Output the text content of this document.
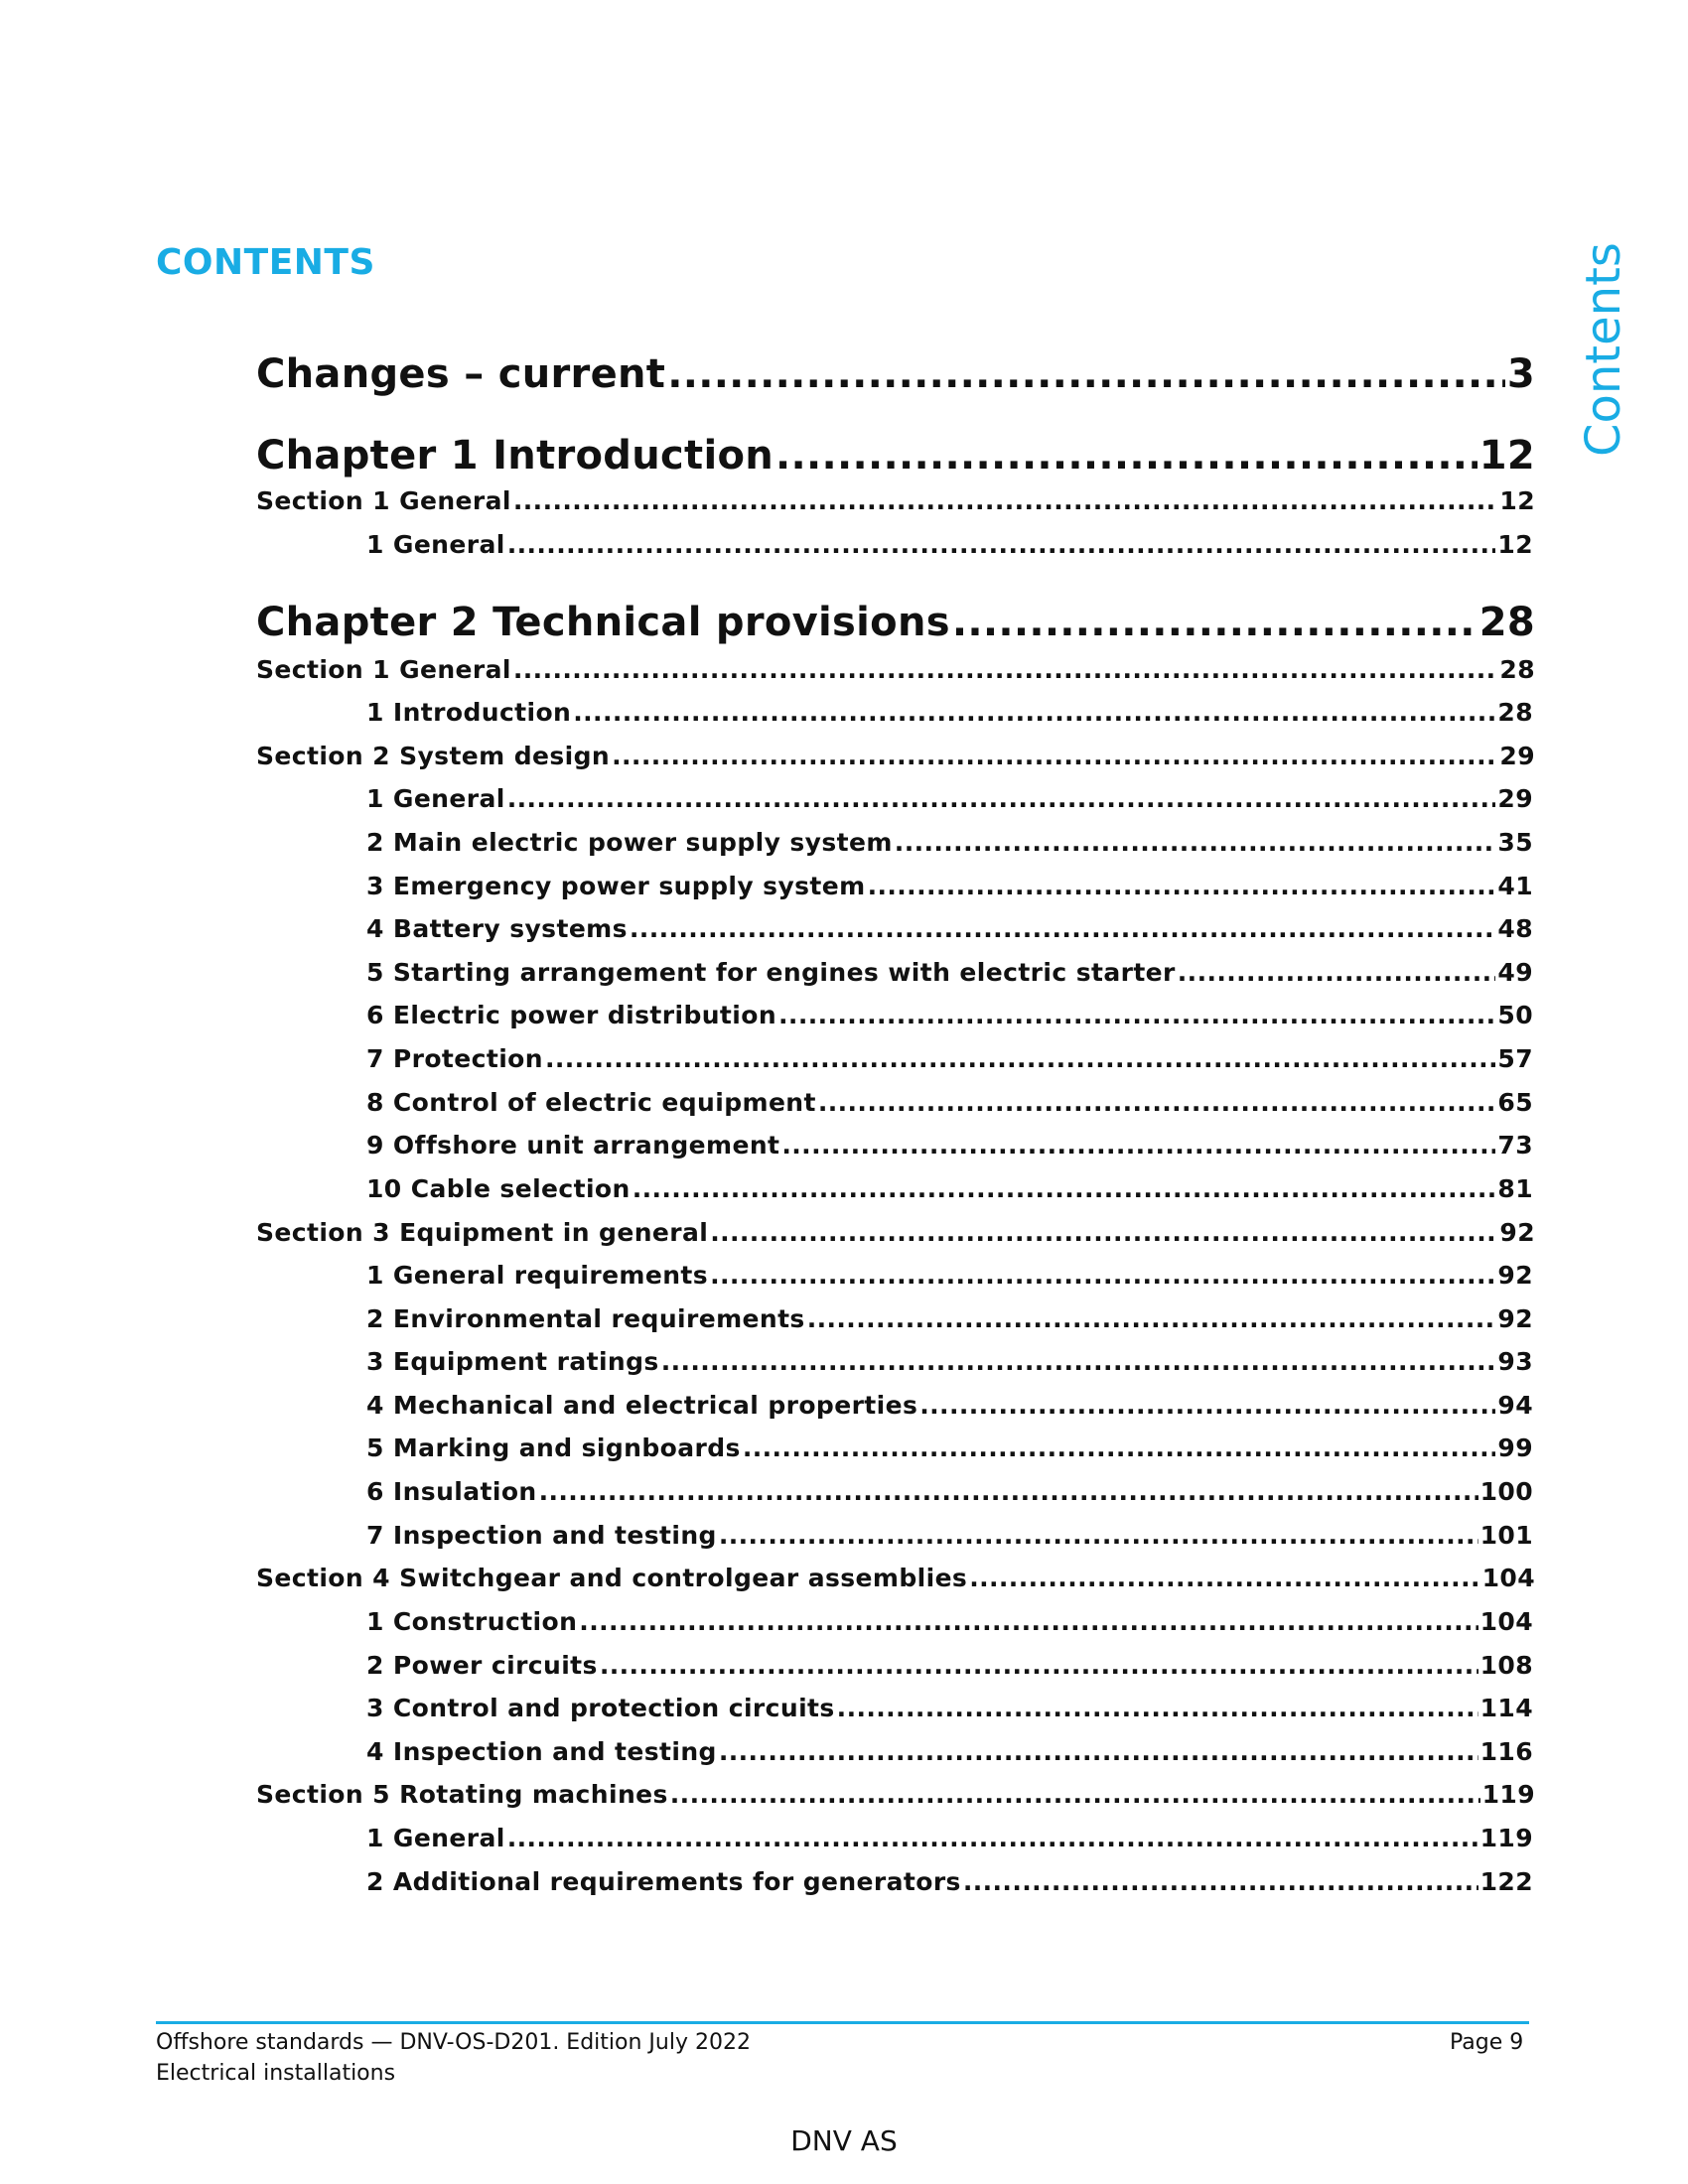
CONTENTS	Contents
Changes – current .....	3
Chapter 1 Introduction .....	12
Section 1 General .....	12
1 General .....	12
Chapter 2 Technical provisions .....	28
Section 1 General .....	28
1 Introduction .....	28
Section 2 System design .....	29
1 General .....	29
2 Main electric power supply system .....	35
3 Emergency power supply system .....	41
4 Battery systems .....	48
5 Starting arrangement for engines with electric starter .....	49
6 Electric power distribution .....	50
7 Protection .....	57
8 Control of electric equipment .....	65
9 Offshore unit arrangement .....	73
10 Cable selection .....	81
Section 3 Equipment in general .....	92
1 General requirements .....	92
2 Environmental requirements .....	92
3 Equipment ratings .....	93
4 Mechanical and electrical properties .....	94
5 Marking and signboards .....	99
6 Insulation .....	100
7 Inspection and testing .....	101
Section 4 Switchgear and controlgear assemblies .....	104
1 Construction .....	104
2 Power circuits .....	108
3 Control and protection circuits .....	114
4 Inspection and testing .....	116
Section 5 Rotating machines .....	119
1 General .....	119
2 Additional requirements for generators .....	122
Offshore standards — DNV-OS-D201. Edition July 2022
Electrical installations
Page 9
DNV AS
